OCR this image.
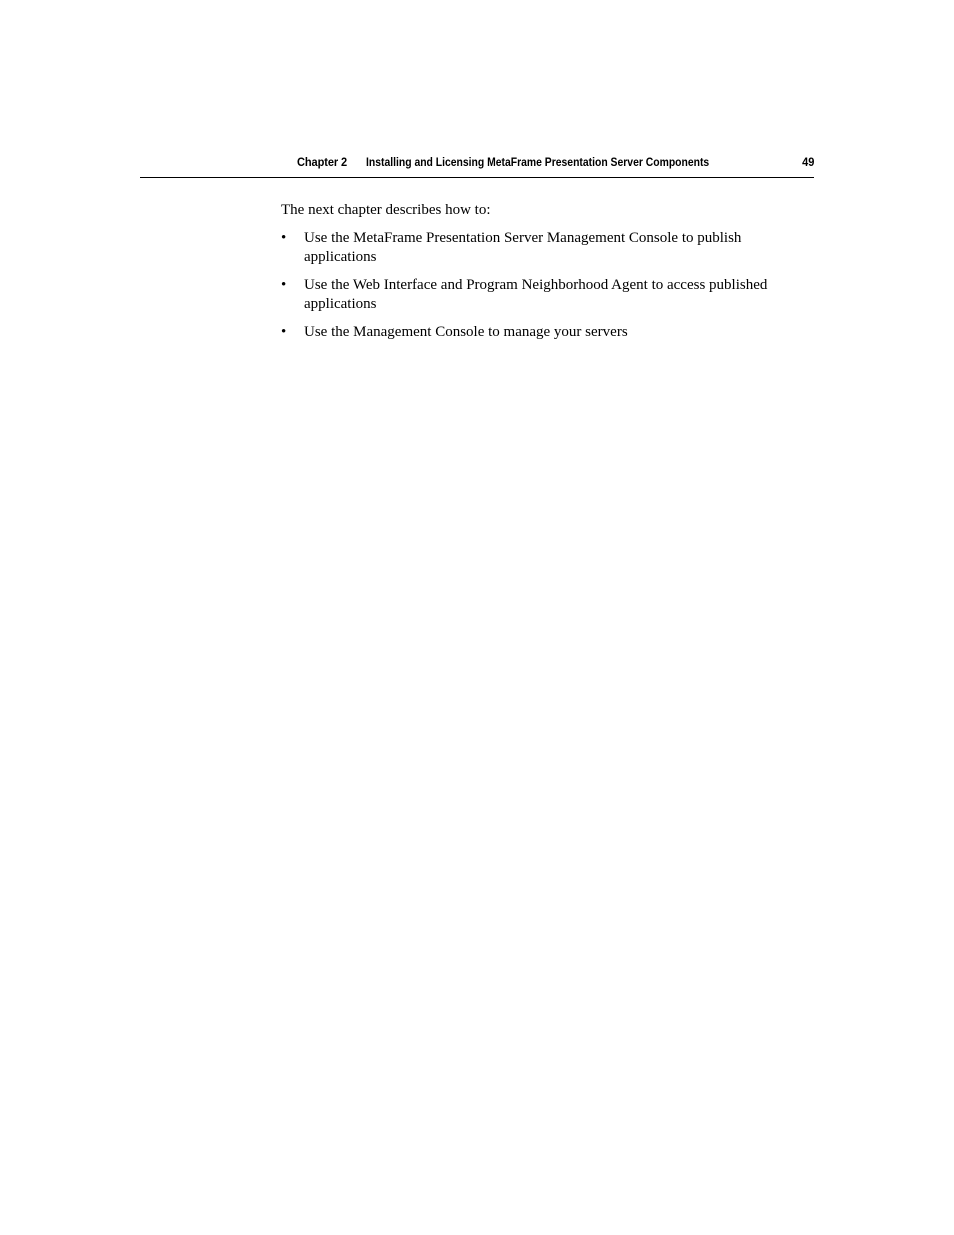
Chapter 2 Installing and Licensing MetaFrame Presentation Server Components	49

The next chapter describes how to:

• Use the MetaFrame Presentation Server Management Console to publish applications
• Use the Web Interface and Program Neighborhood Agent to access published applications
• Use the Management Console to manage your servers
